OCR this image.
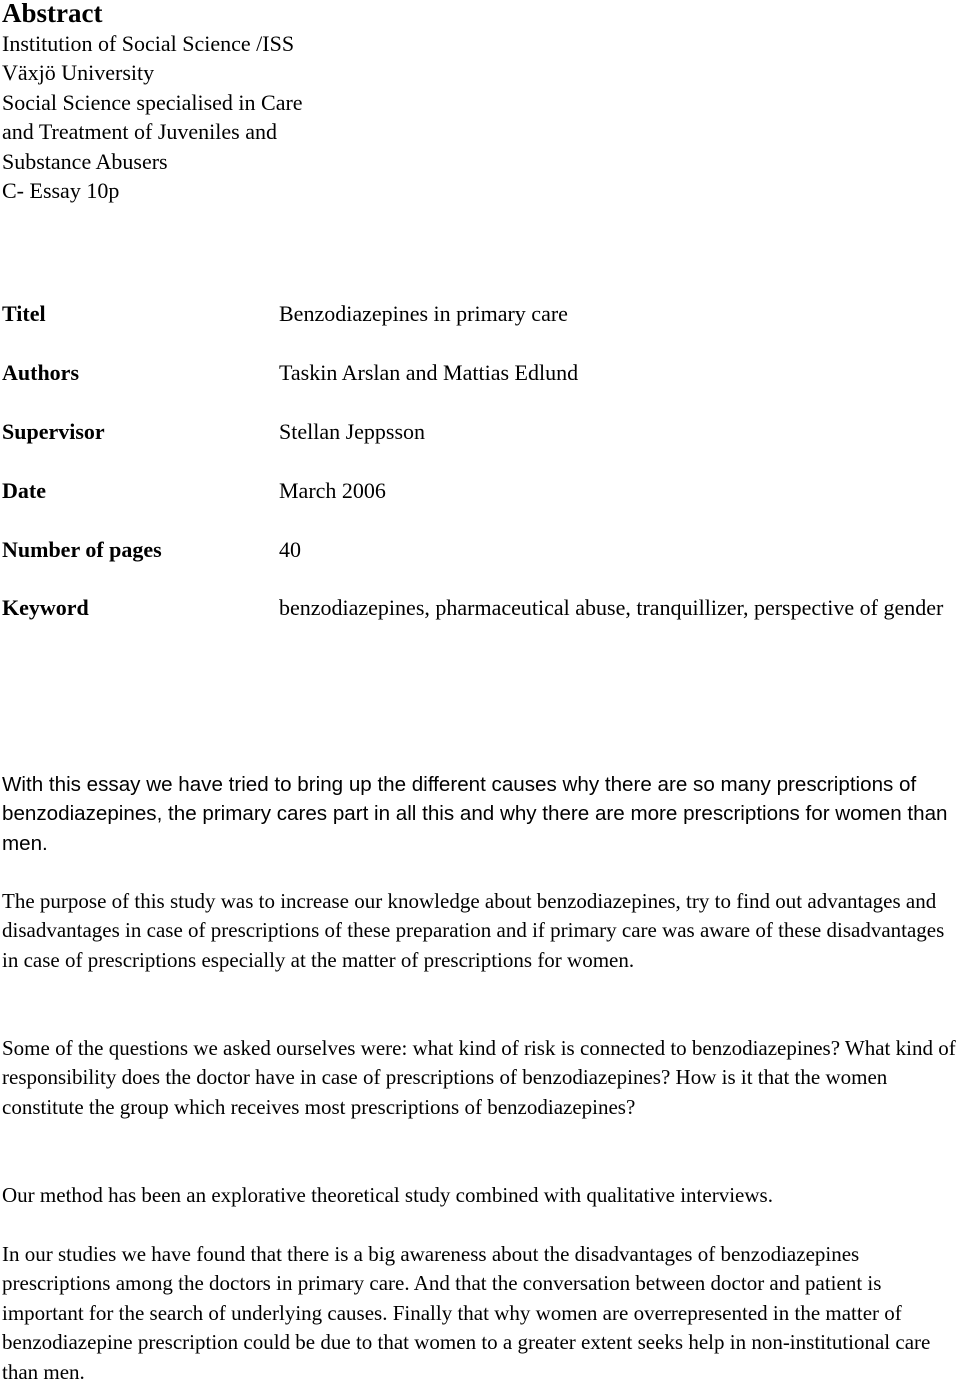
Abstract
Institution of Social Science /ISS
Växjö University
Social Science specialised in Care
and Treatment of Juveniles and
Substance Abusers
C- Essay 10p
Titel	Benzodiazepines in primary care
Authors	Taskin Arslan and Mattias Edlund
Supervisor	Stellan Jeppsson
Date	March 2006
Number of pages	40
Keyword	benzodiazepines, pharmaceutical abuse, tranquillizer, perspective of gender

With this essay we have tried to bring up the different causes why there are so many prescriptions of benzodiazepines, the primary cares part in all this and why there are more prescriptions for women than men.

The purpose of this study was to increase our knowledge about benzodiazepines, try to find out advantages and disadvantages in case of prescriptions of these preparation and if primary care was aware of these disadvantages in case of prescriptions especially at the matter of prescriptions for women.

Some of the questions we asked ourselves were: what kind of risk is connected to benzodiazepines? What kind of responsibility does the doctor have in case of prescriptions of benzodiazepines? How is it that the women constitute the group which receives most prescriptions of benzodiazepines?

Our method has been an explorative theoretical study combined with qualitative interviews.

In our studies we have found that there is a big awareness about the disadvantages of benzodiazepines prescriptions among the doctors in primary care. And that the conversation between doctor and patient is important for the search of underlying causes. Finally that why women are overrepresented in the matter of benzodiazepine prescription could be due to that women to a greater extent seeks help in non-institutional care than men.
